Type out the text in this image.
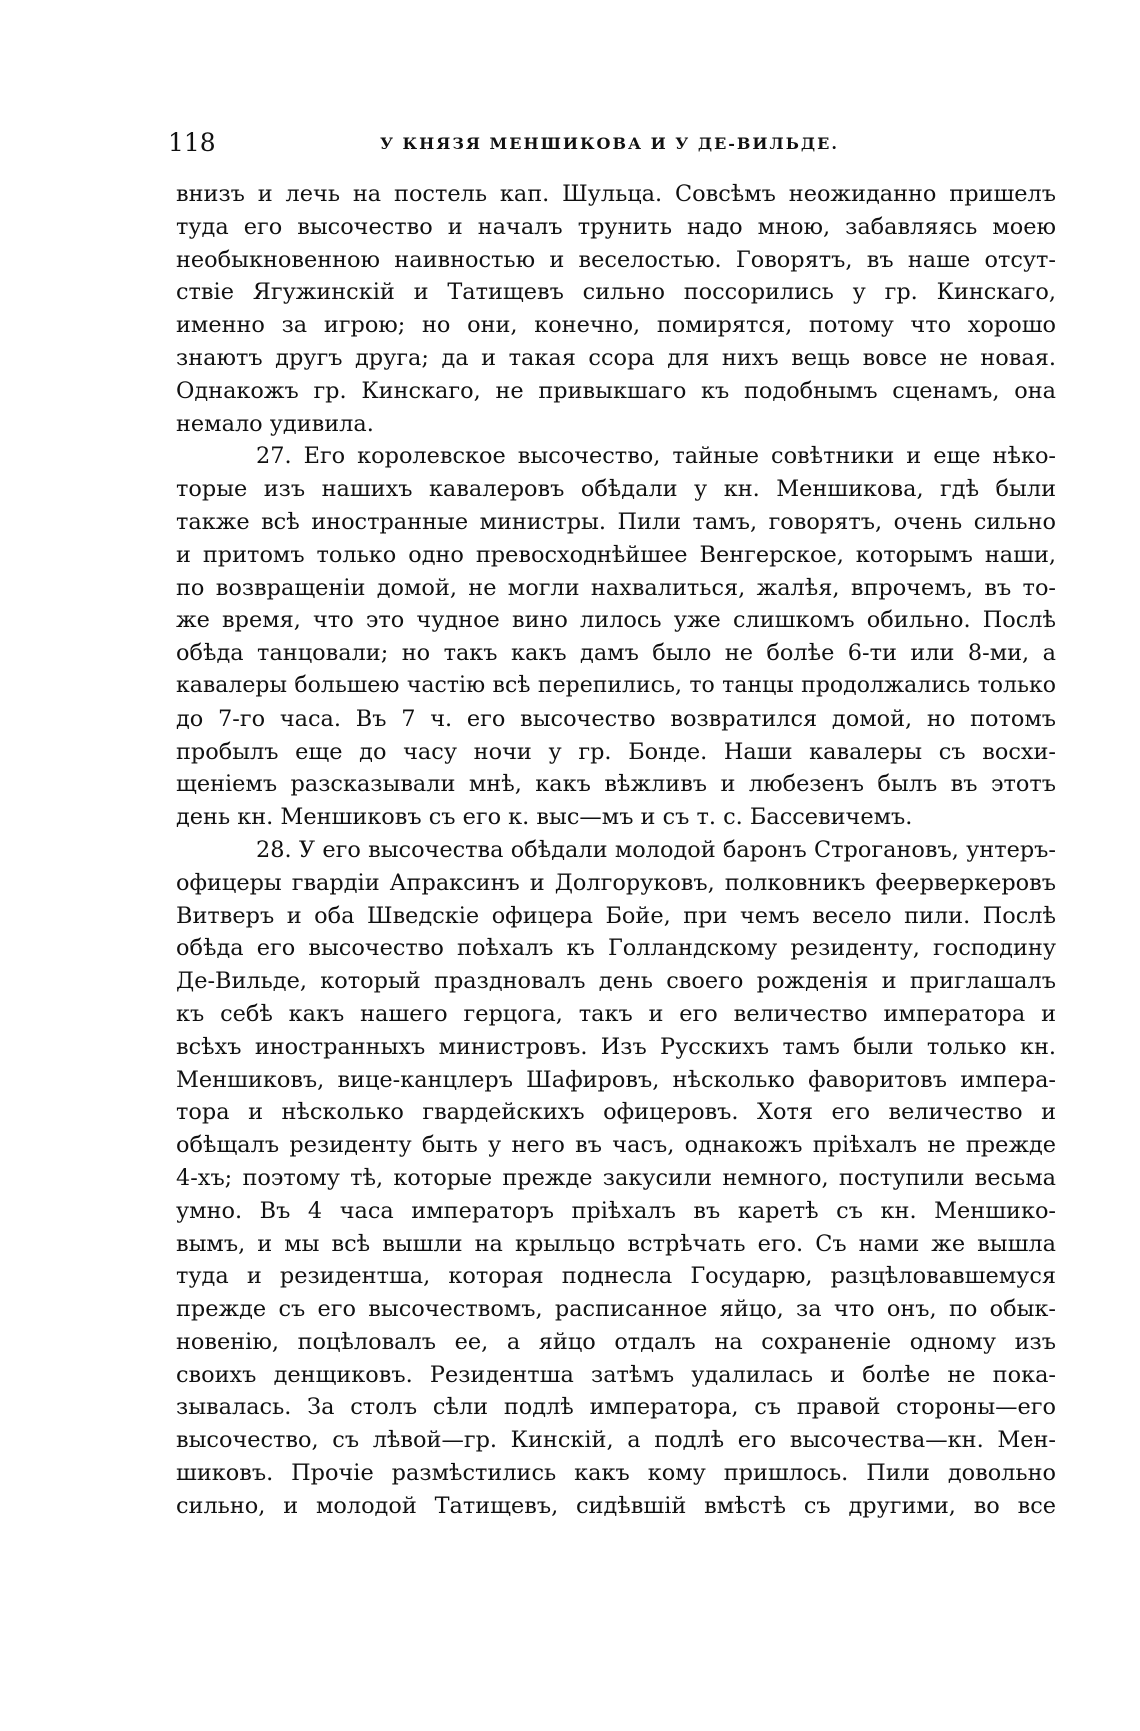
118	У КНЯЗЯ МЕНШИКОВА И У ДЕ-ВИЛЬДЕ.

внизъ и лечь на постель кап. Шульца. Совсѣмъ неожиданно пришелъ
туда его высочество и началъ трунить надо мною, забавляясь моею
необыкновенною наивностью и веселостью. Говорятъ, въ наше отсут-
ствіе Ягужинскій и Татищевъ сильно поссорились у гр. Кинскаго,
именно за игрою; но они, конечно, помирятся, потому что хорошо
знаютъ другъ друга; да и такая ссора для нихъ вещь вовсе не новая.
Однакожъ гр. Кинскаго, не привыкшаго къ подобнымъ сценамъ, она
немало удивила.

27. Его королевское высочество, тайные совѣтники и еще нѣко-
торые изъ нашихъ кавалеровъ обѣдали у кн. Меншикова, гдѣ были
также всѣ иностранные министры. Пили тамъ, говорятъ, очень сильно
и притомъ только одно превосходнѣйшее Венгерское, которымъ наши,
по возвращеніи домой, не могли нахвалиться, жалѣя, впрочемъ, въ то-
же время, что это чудное вино лилось уже слишкомъ обильно. Послѣ
обѣда танцовали; но такъ какъ дамъ было не болѣе 6-ти или 8-ми, а
кавалеры большею частію всѣ перепились, то танцы продолжались только
до 7-го часа. Въ 7 ч. его высочество возвратился домой, но потомъ
пробылъ еще до часу ночи у гр. Бонде. Наши кавалеры съ восхи-
щеніемъ разсказывали мнѣ, какъ вѣжливъ и любезенъ былъ въ этотъ
день кн. Меншиковъ съ его к. выс—мъ и съ т. с. Бассевичемъ.

28. У его высочества обѣдали молодой баронъ Строгановъ, унтеръ-
офицеры гвардіи Апраксинъ и Долгоруковъ, полковникъ феерверкеровъ
Витверъ и оба Шведскіе офицера Бойе, при чемъ весело пили. Послѣ
обѣда его высочество поѣхалъ къ Голландскому резиденту, господину
Де-Вильде, который праздновалъ день своего рожденія и приглашалъ
къ себѣ какъ нашего герцога, такъ и его величество императора и
всѣхъ иностранныхъ министровъ. Изъ Русскихъ тамъ были только кн.
Меншиковъ, вице-канцлеръ Шафировъ, нѣсколько фаворитовъ импера-
тора и нѣсколько гвардейскихъ офицеровъ. Хотя его величество и
обѣщалъ резиденту быть у него въ часъ, однакожъ пріѣхалъ не прежде
4-хъ; поэтому тѣ, которые прежде закусили немного, поступили весьма
умно. Въ 4 часа императоръ пріѣхалъ въ каретѣ съ кн. Меншико-
вымъ, и мы всѣ вышли на крыльцо встрѣчать его. Съ нами же вышла
туда и резидентша, которая поднесла Государю, разцѣловавшемуся
прежде съ его высочествомъ, расписанное яйцо, за что онъ, по обык-
новенію, поцѣловалъ ее, а яйцо отдалъ на сохраненіе одному изъ
своихъ денщиковъ. Резидентша затѣмъ удалилась и болѣе не пока-
зывалась. За столъ сѣли подлѣ императора, съ правой стороны—его
высочество, съ лѣвой—гр. Кинскій, а подлѣ его высочества—кн. Мен-
шиковъ. Прочіе размѣстились какъ кому пришлось. Пили довольно
сильно, и молодой Татищевъ, сидѣвшій вмѣстѣ съ другими, во все
